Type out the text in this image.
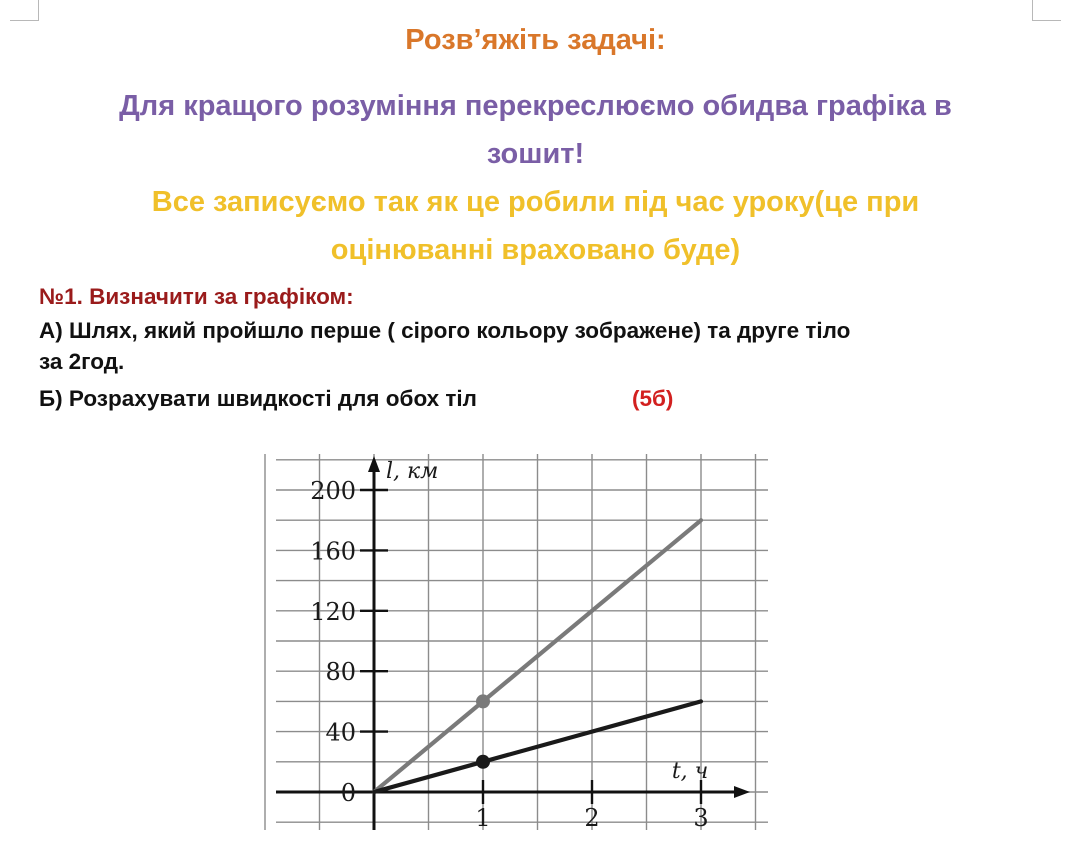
Розв’яжіть задачі:

Для кращого розуміння перекреслюємо обидва графіка в

зошит!

Все записуємо так як це робили під час уроку(це при

оцінюванні враховано буде)

№1. Визначити за графіком:

А) Шлях, який пройшло перше ( сірого кольору зображене) та друге тіло

за 2год.

Б) Розрахувати швидкості для обох тіл	(5б)
0
40
80
120
160
200
1	2	3
l, км
t, ч
